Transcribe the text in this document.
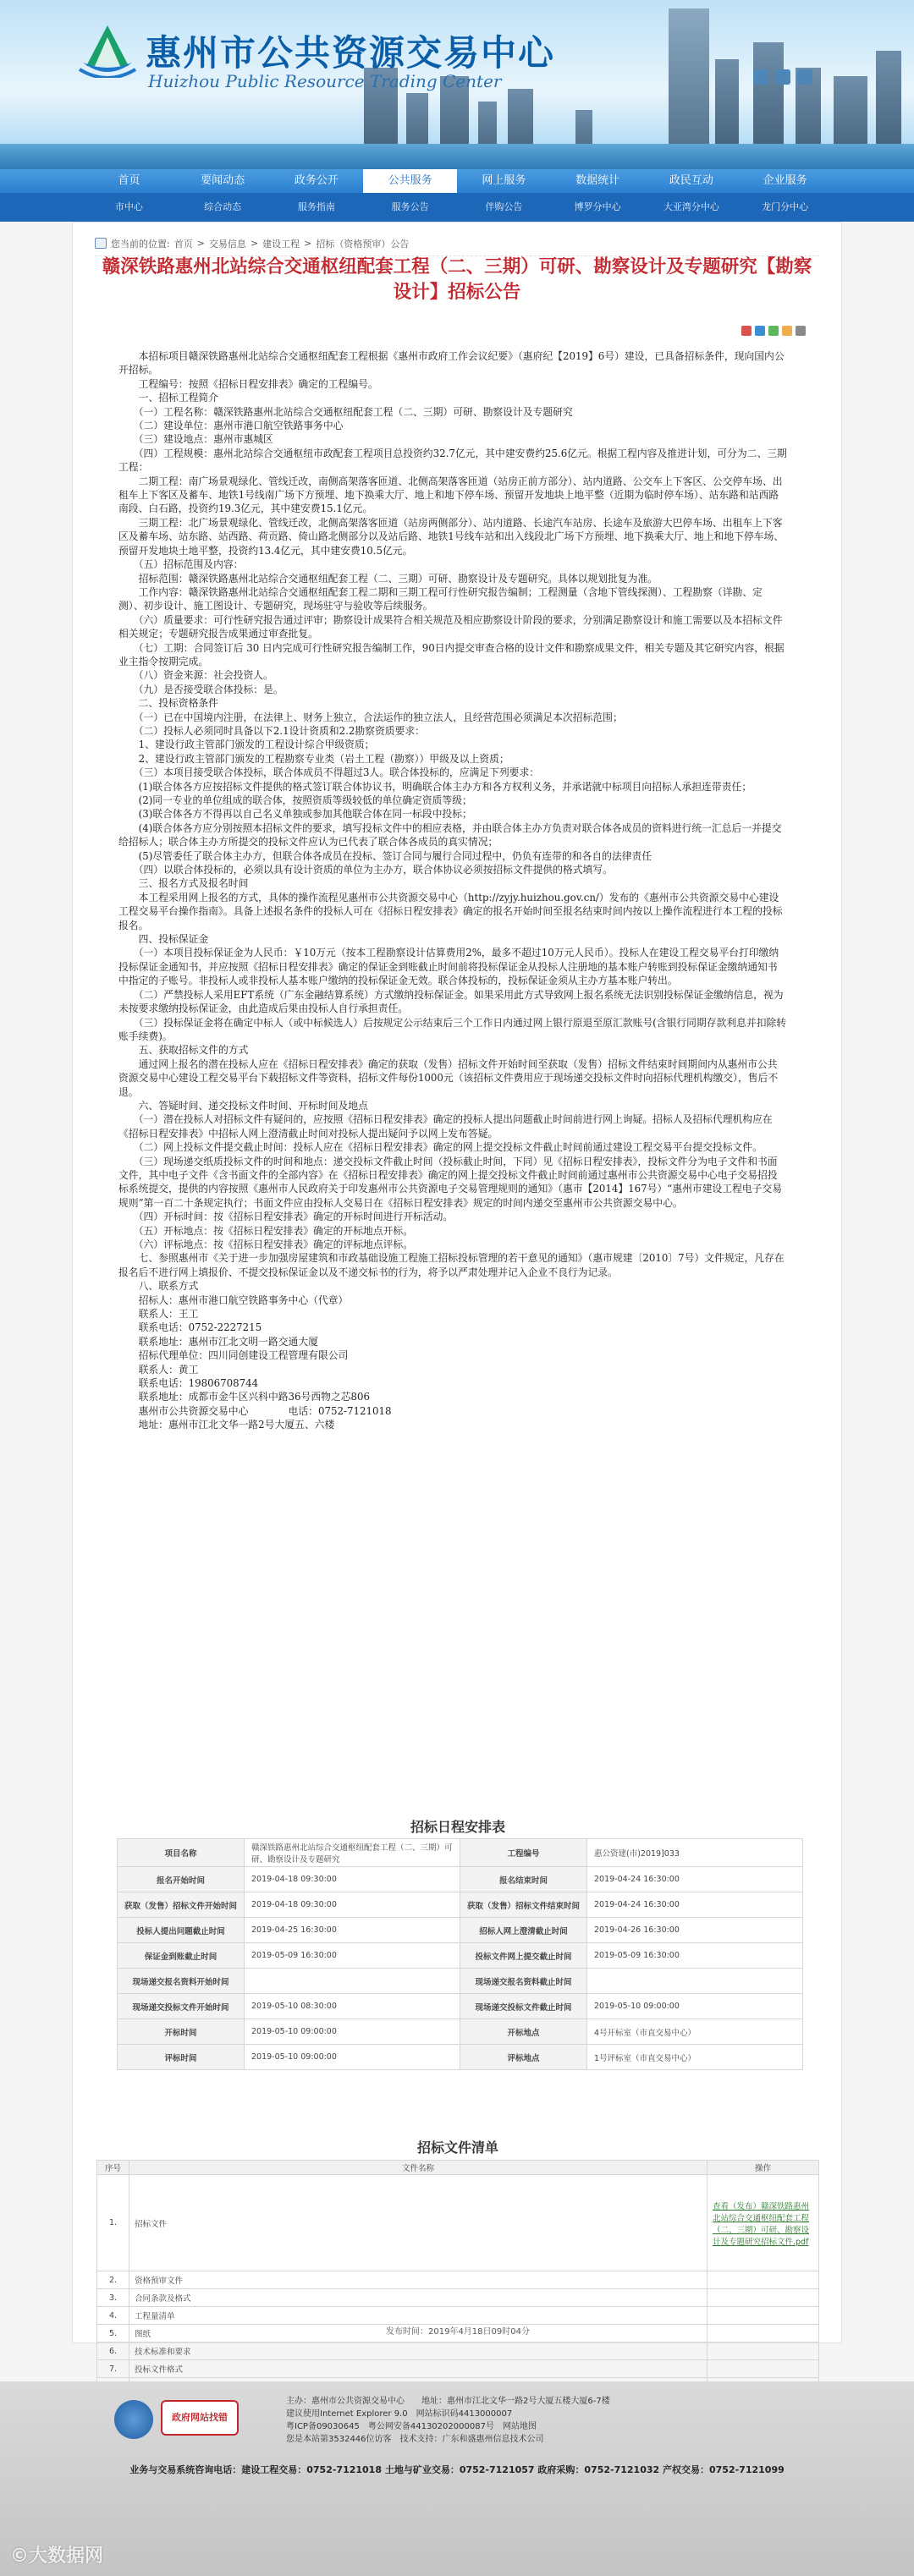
惠州市公共资源交易中心
Huizhou Public Resource Trading Center
首页	要闻动态	政务公开	公共服务	网上服务	数据统计	政民互动	企业服务
市中心	综合动态	服务指南	服务公告	伴购公告	博罗分中心	大亚湾分中心	龙门分中心
您当前的位置: 首页 > 交易信息 > 建设工程 > 招标（资格预审）公告
赣深铁路惠州北站综合交通枢纽配套工程（二、三期）可研、勘察设计及专题研究【勘察设计】招标公告

　　本招标项目赣深铁路惠州北站综合交通枢纽配套工程根据《惠州市政府工作会议纪要》（惠府纪【2019】6号）建设，已具备招标条件，现向国内公开招标。

　　工程编号：按照《招标日程安排表》确定的工程编号。

　　一、招标工程简介

　　（一）工程名称：赣深铁路惠州北站综合交通枢纽配套工程（二、三期）可研、勘察设计及专题研究

　　（二）建设单位：惠州市港口航空铁路事务中心

　　（三）建设地点：惠州市惠城区

　　（四）工程规模：惠州北站综合交通枢纽市政配套工程项目总投资约32.7亿元，其中建安费约25.6亿元。根据工程内容及推进计划，可分为二、三期工程：

　　二期工程：南广场景观绿化、管线迁改，南侧高架落客匝道、北侧高架落客匝道（站房正前方部分）、站内道路、公交车上下客区、公交停车场、出租车上下客区及蓄车、地铁1号线南广场下方预埋、地下换乘大厅、地上和地下停车场、预留开发地块上地平整（近期为临时停车场）、站东路和站西路南段、白石路，投资约19.3亿元，其中建安费15.1亿元。

　　三期工程：北广场景观绿化、管线迁改，北侧高架落客匝道（站房两侧部分）、站内道路、长途汽车站房、长途车及旅游大巴停车场、出租车上下客区及蓄车场、站东路、站西路、荷贡路、倚山路北侧部分以及站后路、地铁1号线车站和出入线段北广场下方预埋、地下换乘大厅、地上和地下停车场、预留开发地块土地平整，投资约13.4亿元，其中建安费10.5亿元。

　　（五）招标范围及内容：

　　招标范围：赣深铁路惠州北站综合交通枢纽配套工程（二、三期）可研、勘察设计及专题研究。具体以规划批复为准。

　　工作内容：赣深铁路惠州北站综合交通枢纽配套工程二期和三期工程可行性研究报告编制；工程测量（含地下管线探测）、工程勘察（详勘、定测）、初步设计、施工图设计、专题研究，现场驻守与验收等后续服务。

　　（六）质量要求：可行性研究报告通过评审；勘察设计成果符合相关规范及相应勘察设计阶段的要求，分别满足勘察设计和施工需要以及本招标文件相关规定；专题研究报告成果通过审查批复。

　　（七）工期：合同签订后 30 日内完成可行性研究报告编制工作，90日内提交审查合格的设计文件和勘察成果文件，相关专题及其它研究内容，根据业主指令按期完成。

　　（八）资金来源：社会投资人。

　　（九）是否接受联合体投标：是。

　　二、投标资格条件

　　（一）已在中国境内注册，在法律上、财务上独立，合法运作的独立法人，且经营范围必须满足本次招标范围；

　　（二）投标人必须同时具备以下2.1设计资质和2.2勘察资质要求：

　　1、建设行政主管部门颁发的工程设计综合甲级资质；

　　2、建设行政主管部门颁发的工程勘察专业类（岩土工程（勘察））甲级及以上资质；

　　（三）本项目接受联合体投标，联合体成员不得超过3人。联合体投标的，应满足下列要求：

　　(1)联合体各方应按招标文件提供的格式签订联合体协议书，明确联合体主办方和各方权利义务，并承诺就中标项目向招标人承担连带责任；

　　(2)同一专业的单位组成的联合体，按照资质等级较低的单位确定资质等级；

　　(3)联合体各方不得再以自己名义单独或参加其他联合体在同一标段中投标；

　　(4)联合体各方应分别按照本招标文件的要求，填写投标文件中的相应表格，并由联合体主办方负责对联合体各成员的资料进行统一汇总后一并提交给招标人；联合体主办方所提交的投标文件应认为已代表了联合体各成员的真实情况；

　　(5)尽管委任了联合体主办方，但联合体各成员在投标、签订合同与履行合同过程中，仍负有连带的和各自的法律责任

　　（四）以联合体投标的，必须以具有设计资质的单位为主办方，联合体协议必须按招标文件提供的格式填写。

　　三、报名方式及报名时间

　　本工程采用网上报名的方式，具体的操作流程见惠州市公共资源交易中心（http://zyjy.huizhou.gov.cn/）发布的《惠州市公共资源交易中心建设工程交易平台操作指南》。具备上述报名条件的投标人可在《招标日程安排表》确定的报名开始时间至报名结束时间内按以上操作流程进行本工程的投标报名。

　　四、投标保证金

　　（一）本项目投标保证金为人民币：￥10万元（按本工程勘察设计估算费用2%，最多不超过10万元人民币）。投标人在建设工程交易平台打印缴纳投标保证金通知书，并应按照《招标日程安排表》确定的保证金到账截止时间前将投标保证金从投标人注册地的基本账户转账到投标保证金缴纳通知书中指定的子账号。非投标人或非投标人基本账户缴纳的投标保证金无效。联合体投标的，投标保证金须从主办方基本账户转出。

　　（二）严禁投标人采用EFT系统（广东金融结算系统）方式缴纳投标保证金。如果采用此方式导致网上报名系统无法识别投标保证金缴纳信息，视为未按要求缴纳投标保证金，由此造成后果由投标人自行承担责任。

　　（三）投标保证金将在确定中标人（或中标候选人）后按规定公示结束后三个工作日内通过网上银行原退至原汇款账号(含银行同期存款利息并扣除转账手续费)。

　　五、获取招标文件的方式

　　通过网上报名的潜在投标人应在《招标日程安排表》确定的获取（发售）招标文件开始时间至获取（发售）招标文件结束时间期间内从惠州市公共资源交易中心建设工程交易平台下载招标文件等资料，招标文件每份1000元（该招标文件费用应于现场递交投标文件时向招标代理机构缴交），售后不退。

　　六、答疑时间、递交投标文件时间、开标时间及地点

　　（一）潜在投标人对招标文件有疑问的，应按照《招标日程安排表》确定的投标人提出问题截止时间前进行网上询疑。招标人及招标代理机构应在《招标日程安排表》中招标人网上澄清截止时间对投标人提出疑问予以网上发布答疑。

　　（二）网上投标文件提交截止时间：投标人应在《招标日程安排表》确定的网上提交投标文件截止时间前通过建设工程交易平台提交投标文件。

　　（三）现场递交纸质投标文件的时间和地点：递交投标文件截止时间（投标截止时间，下同）见《招标日程安排表》，投标文件分为电子文件和书面文件，其中电子文件《含书面文件的全部内容》在《招标日程安排表》确定的网上提交投标文件截止时间前通过惠州市公共资源交易中心电子交易招投标系统提交，提供的内容按照《惠州市人民政府关于印发惠州市公共资源电子交易管理规则的通知》（惠市【2014】167号）“惠州市建设工程电子交易规则”第一百二十条规定执行；书面文件应由投标人交易日在《招标日程安排表》规定的时间内递交至惠州市公共资源交易中心。

　　（四）开标时间：按《招标日程安排表》确定的开标时间进行开标活动。

　　（五）开标地点：按《招标日程安排表》确定的开标地点开标。

　　（六）评标地点：按《招标日程安排表》确定的评标地点评标。

　　七、参照惠州市《关于进一步加强房屋建筑和市政基础设施工程施工招标投标管理的若干意见的通知》（惠市规建〔2010〕7号）文件规定，凡存在报名后不进行网上填报价、不提交投标保证金以及不递交标书的行为，将予以严肃处理并记入企业不良行为记录。

　　八、联系方式

　　招标人：惠州市港口航空铁路事务中心（代章）

　　联系人：王工

　　联系电话：0752-2227215

　　联系地址：惠州市江北文明一路交通大厦

　　招标代理单位：四川同创建设工程管理有限公司

　　联系人：黄工

　　联系电话：19806708744

　　联系地址：成都市金牛区兴科中路36号西物之芯806

　　惠州市公共资源交易中心　　　　电话：0752-7121018

　　地址：惠州市江北文华一路2号大厦五、六楼

招标日程安排表
项目名称	赣深铁路惠州北站综合交通枢纽配套工程（二、三期）可研、勘察设计及专题研究	工程编号	惠公资建(市)2019]033
报名开始时间	2019-04-18 09:30:00	报名结束时间	2019-04-24 16:30:00
获取（发售）招标文件开始时间	2019-04-18 09:30:00	获取（发售）招标文件结束时间	2019-04-24 16:30:00
投标人提出问题截止时间	2019-04-25 16:30:00	招标人网上澄清截止时间	2019-04-26 16:30:00
保证金到账截止时间	2019-05-09 16:30:00	投标文件网上提交截止时间	2019-05-09 16:30:00
现场递交报名资料开始时间		现场递交报名资料截止时间	
现场递交投标文件开始时间	2019-05-10 08:30:00	现场递交投标文件截止时间	2019-05-10 09:00:00
开标时间	2019-05-10 09:00:00	开标地点	4号开标室（市直交易中心）
评标时间	2019-05-10 09:00:00	评标地点	1号评标室（市直交易中心）
招标文件清单
序号	文件名称	操作
1.	招标文件	查看（发布）赣深铁路惠州北站综合交通枢纽配套工程（二、三期）可研、勘察设计及专题研究招标文件.pdf
2.	资格预审文件	
3.	合同条款及格式	
4.	工程量清单	
5.	图纸	
6.	技术标准和要求	
7.	投标文件格式	

发布时间：2019年4月18日09时04分
政府网站找错
主办：惠州市公共资源交易中心　　地址：惠州市江北文华一路2号大厦五楼大厦6-7楼
建议使用Internet Explorer 9.0　网站标识码4413000007
粤ICP备09030645　粤公网安备44130202000087号　网站地图
您是本站第3532446位访客　技术支持：广东和盛惠州信息技术公司
业务与交易系统咨询电话：建设工程交易：0752-7121018 土地与矿业交易：0752-7121057 政府采购：0752-7121032 产权交易：0752-7121099
©大数据网
